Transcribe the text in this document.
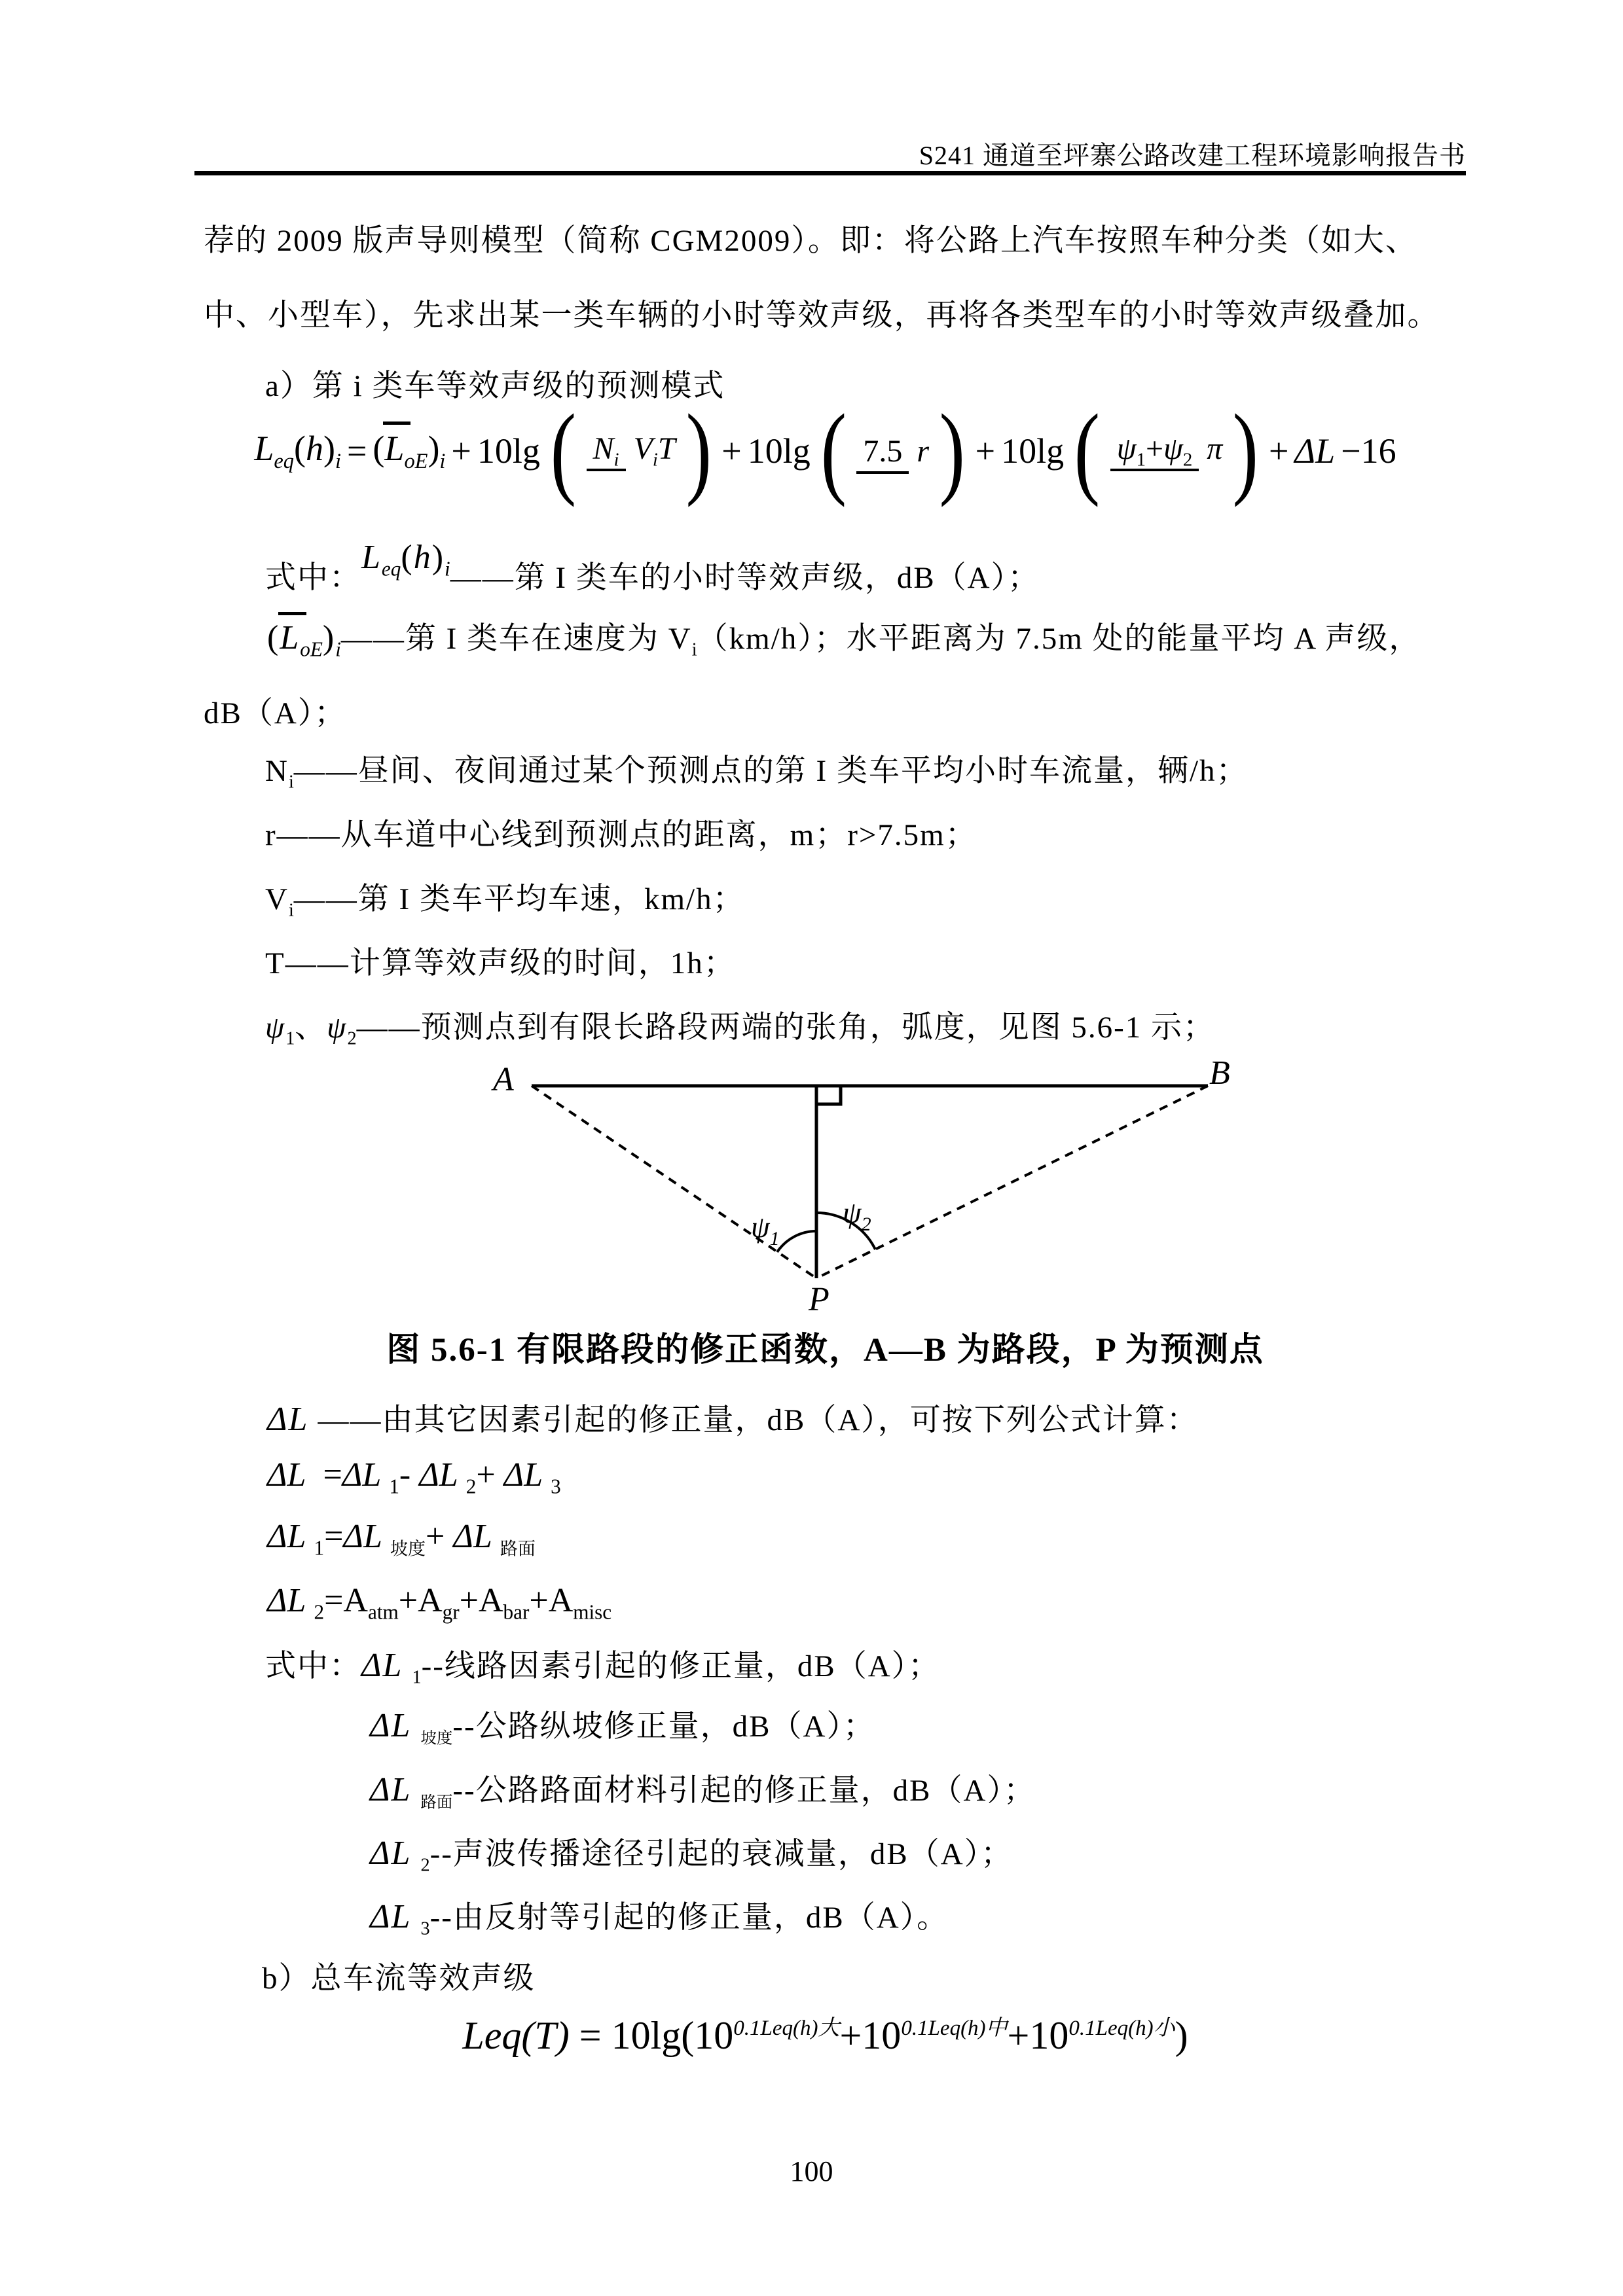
S241 通道至坪寨公路改建工程环境影响报告书
荐的 2009 版声导则模型（简称 CGM2009）。即：将公路上汽车按照车种分类（如大、
中、小型车），先求出某一类车辆的小时等效声级，再将各类型车的小时等效声级叠加。
a）第 i 类车等效声级的预测模式
$L_{eq}(h)_i = (L_{oE})_i + 10\lg$ ( $N_i$ $V_iT$ ) + 10lg ( 7.5 r ) + 10lg ( $\psi_1+\psi_2$ π ) + ΔL −16
式中：$L_{eq}(h)_i——$第 I 类车的小时等效声级，dB（A）；
$(L_{oE})_i——$第 I 类车在速度为 $V_i(km/h)$；水平距离为 7.5m 处的能量平均 A 声级，
dB（A）；
$N_i——$昼间、夜间通过某个预测点的第 I 类车平均小时车流量，辆/h；
r——从车道中心线到预测点的距离，m；r>7.5m；
$V_i——$第 I 类车平均车速，km/h；
T——计算等效声级的时间，1h；
$\psi_1$、$\psi_2——$预测点到有限长路段两端的张角，弧度，见图 5.6-1 示；
A	B
P
$\psi_1$
$\psi_2$
图 5.6-1 有限路段的修正函数，A—B 为路段，P 为预测点
ΔL ——由其它因素引起的修正量，dB（A），可按下列公式计算：
ΔL =ΔL $_1$- ΔL $_2$+ ΔL $_3$
ΔL $_1$=ΔL $_{坡度}$+ ΔL $_{路面}$
ΔL $_2=A_{atm}+A_{gr}+A_{bar}+A_{misc}$
式中：ΔL $_1$--线路因素引起的修正量，dB（A）；
ΔL $_{坡度}$--公路纵坡修正量，dB（A）；
ΔL $_{路面}$--公路路面材料引起的修正量，dB（A）；
ΔL $_2$--声波传播途径引起的衰减量，dB（A）；
ΔL $_3$--由反射等引起的修正量，dB（A）。
b）总车流等效声级
$Leq(T) = 10\lg(10^{0.1Leq(h)大}+10^{0.1Leq(h)中}+10^{0.1Leq(h)小})$
100
